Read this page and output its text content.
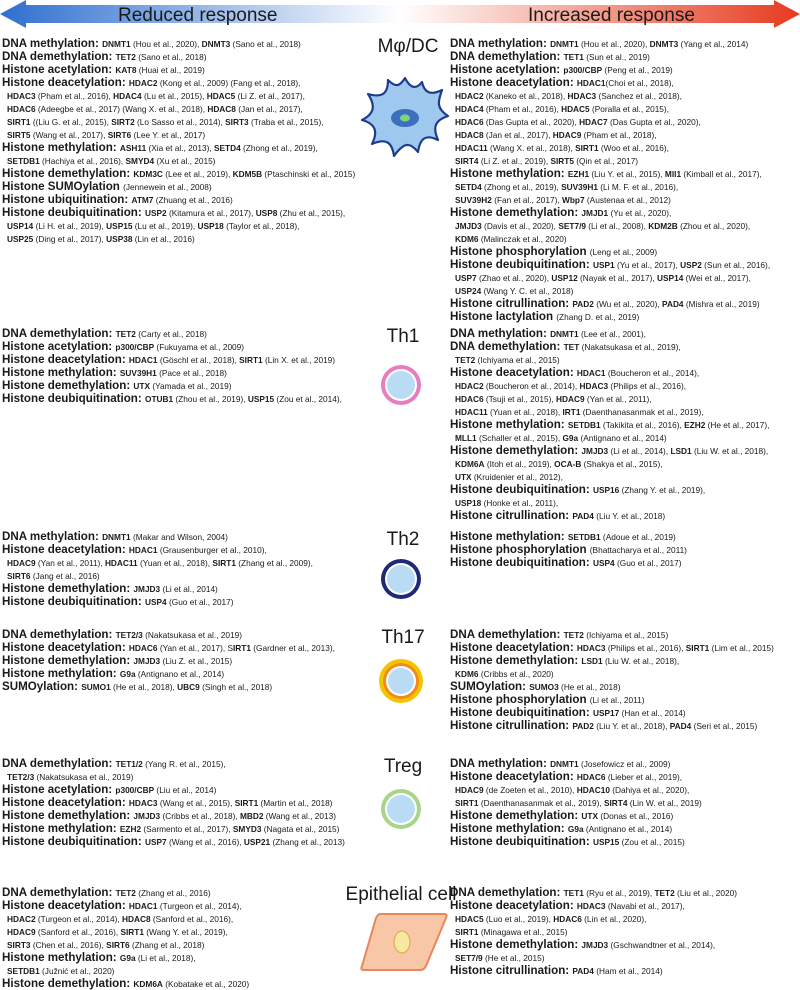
Reduced response	Increased response
DNA methylation: DNMT1 (Hou et al., 2020), DNMT3 (Sano et al., 2018)
DNA demethylation: TET2 (Sano et al., 2018)
Histone acetylation: KAT8 (Huai et al., 2019)
Histone deacetylation: HDAC2 (Kong et al., 2009) (Fang et al., 2018),
HDAC3 (Pham et al., 2016), HDAC4 (Lu et al., 2015), HDAC5 (Li Z. et al., 2017),
HDAC6 (Adeegbe et al., 2017) (Wang X. et al., 2018), HDAC8 (Jan et al., 2017),
SIRT1 ((Liu G. et al., 2015), SIRT2 (Lo Sasso et al., 2014), SIRT3 (Traba et al., 2015),
SIRT5 (Wang et al., 2017), SIRT6 (Lee Y. et al., 2017)
Histone methylation: ASH11 (Xia et al., 2013), SETD4 (Zhong et al., 2019),
SETDB1 (Hachiya et al., 2016), SMYD4 (Xu et al., 2015)
Histone demethylation: KDM3C (Lee et al., 2019), KDM5B (Ptaschinski et al., 2015)
Histone SUMOylation (Jennewein et al., 2008)
Histone ubiquitination: ATM7 (Zhuang et al., 2016)
Histone deubiquitination: USP2 (Kitamura et al., 2017), USP8 (Zhu et al., 2015),
USP14 (Li H. et al., 2019), USP15 (Lu et al., 2019), USP18 (Taylor et al., 2018),
USP25 (Ding et al., 2017), USP38 (Lin et al., 2016)
DNA methylation: DNMT1 (Hou et al., 2020), DNMT3 (Yang et al., 2014)
DNA demethylation: TET1 (Sun et al., 2019)
Histone acetylation: p300/CBP (Peng et al., 2019)
Histone deacetylation: HDAC1(Choi et al., 2018),
HDAC2 (Kaneko et al., 2018), HDAC3 (Sanchez et al., 2018),
HDAC4 (Pham et al., 2016), HDAC5 (Poralla et al., 2015),
HDAC6 (Das Gupta et al., 2020), HDAC7 (Das Gupta et al., 2020),
HDAC8 (Jan et al., 2017), HDAC9 (Pham et al., 2018),
HDAC11 (Wang X. et al., 2018), SIRT1 (Woo et al., 2016),
SIRT4 (Li Z. et al., 2019), SIRT5 (Qin et al., 2017)
Histone methylation: EZH1 (Liu Y. et al., 2015), Mll1 (Kimball et al., 2017),
SETD4 (Zhong et al., 2019), SUV39H1 (Li M. F. et al., 2016),
SUV39H2 (Fan et al., 2017), Wbp7 (Austenaa et al., 2012)
Histone demethylation: JMJD1 (Yu et al., 2020),
JMJD3 (Davis et al., 2020), SET7/9 (Li et al., 2008), KDM2B (Zhou et al., 2020),
KDM6 (Malinczak et al., 2020)
Histone phosphorylation (Leng et al., 2009)
Histone deubiquitination: USP1 (Yu et al., 2017), USP2 (Sun et al., 2016),
USP7 (Zhao et al., 2020), USP12 (Nayak et al., 2017), USP14 (Wei et al., 2017),
USP24 (Wang Y. C. et al., 2018)
Histone citrullination: PAD2 (Wu et al., 2020), PAD4 (Mishra et al., 2019)
Histone lactylation (Zhang D. et al., 2019)
DNA demethylation: TET2 (Carty et al., 2018)
Histone acetylation: p300/CBP (Fukuyama et al., 2009)
Histone deacetylation: HDAC1 (Göschl et al., 2018), SIRT1 (Lin X. et al., 2019)
Histone methylation: SUV39H1 (Pace et al., 2018)
Histone demethylation: UTX (Yamada et al., 2019)
Histone deubiquitination: OTUB1 (Zhou et al., 2019), USP15 (Zou et al., 2014),
DNA methylation: DNMT1 (Lee et al., 2001),
DNA demethylation: TET (Nakatsukasa et al., 2019),
TET2 (Ichiyama et al., 2015)
Histone deacetylation: HDAC1 (Boucheron et al., 2014),
HDAC2 (Boucheron et al., 2014), HDAC3 (Philips et al., 2016),
HDAC6 (Tsuji et al., 2015), HDAC9 (Yan et al., 2011),
HDAC11 (Yuan et al., 2018), IRT1 (Daenthanasanmak et al., 2019),
Histone methylation: SETDB1 (Takikita et al., 2016), EZH2 (He et al., 2017),
MLL1 (Schaller et al., 2015), G9a (Antignano et al., 2014)
Histone demethylation: JMJD3 (Li et al., 2014), LSD1 (Liu W. et al., 2018),
KDM6A (Itoh et al., 2019), OCA-B (Shakya et al., 2015),
UTX (Kruidenier et al., 2012),
Histone deubiquitination: USP16 (Zhang Y. et al., 2019),
USP18 (Honke et al., 2011),
Histone citrullination: PAD4 (Liu Y. et al., 2018)
DNA methylation: DNMT1 (Makar and Wilson, 2004)
Histone deacetylation: HDAC1 (Grausenburger et al., 2010),
HDAC9 (Yan et al., 2011), HDAC11 (Yuan et al., 2018), SIRT1 (Zhang et al., 2009),
SIRT6 (Jang et al., 2016)
Histone demethylation: JMJD3 (Li et al., 2014)
Histone deubiquitination: USP4 (Guo et al., 2017)
Histone methylation: SETDB1 (Adoue et al., 2019)
Histone phosphorylation (Bhattacharya et al., 2011)
Histone deubiquitination: USP4 (Guo et al., 2017)
DNA demethylation: TET2/3 (Nakatsukasa et al., 2019)
Histone deacetylation: HDAC6 (Yan et al., 2017), SIRT1 (Gardner et al., 2013),
Histone demethylation: JMJD3 (Liu Z. et al., 2015)
Histone methylation: G9a (Antignano et al., 2014)
SUMOylation: SUMO1 (He et al., 2018), UBC9 (Singh et al., 2018)
DNA demethylation: TET2 (Ichiyama et al., 2015)
Histone deacetylation: HDAC3 (Philips et al., 2016), SIRT1 (Lim et al., 2015)
Histone demethylation: LSD1 (Liu W. et al., 2018),
KDM6 (Cribbs et al., 2020)
SUMOylation: SUMO3 (He et al., 2018)
Histone phosphorylation (Li et al., 2011)
Histone deubiquitination: USP17 (Han et al., 2014)
Histone citrullination: PAD2 (Liu Y. et al., 2018), PAD4 (Seri et al., 2015)
DNA demethylation: TET1/2 (Yang R. et al., 2015),
TET2/3 (Nakatsukasa et al., 2019)
Histone acetylation: p300/CBP (Liu et al., 2014)
Histone deacetylation: HDAC3 (Wang et al., 2015), SIRT1 (Martin et al., 2018)
Histone demethylation: JMJD3 (Cribbs et al., 2018), MBD2 (Wang et al., 2013)
Histone methylation: EZH2 (Sarmento et al., 2017), SMYD3 (Nagata et al., 2015)
Histone deubiquitination: USP7 (Wang et al., 2016), USP21 (Zhang et al., 2013)
DNA methylation: DNMT1 (Josefowicz et al., 2009)
Histone deacetylation: HDAC6 (Lieber et al., 2019),
HDAC9 (de Zoeten et al., 2010), HDAC10 (Dahiya et al., 2020),
SIRT1 (Daenthanasanmak et al., 2019), SIRT4 (Lin W. et al., 2019)
Histone demethylation: UTX (Donas et al., 2016)
Histone methylation: G9a (Antignano et al., 2014)
Histone deubiquitination: USP15 (Zou et al., 2015)
DNA demethylation: TET2 (Zhang et al., 2016)
Histone deacetylation: HDAC1 (Turgeon et al., 2014),
HDAC2 (Turgeon et al., 2014), HDAC8 (Sanford et al., 2016),
HDAC9 (Sanford et al., 2016), SIRT1 (Wang Y. et al., 2019),
SIRT3 (Chen et al., 2016), SIRT6 (Zhang et al., 2018)
Histone methylation: G9a (Li et al., 2018),
SETDB1 (Južnić et al., 2020)
Histone demethylation: KDM6A (Kobatake et al., 2020)
DNA demethylation: TET1 (Ryu et al., 2019), TET2 (Liu et al., 2020)
Histone deacetylation: HDAC3 (Navabi et al., 2017),
HDAC5 (Luo et al., 2019), HDAC6 (Lin et al., 2020),
SIRT1 (Minagawa et al., 2015)
Histone demethylation: JMJD3 (Gschwandtner et al., 2014),
SET7/9 (He et al., 2015)
Histone citrullination: PAD4 (Ham et al., 2014)
Mφ/DC
Th1
Th2
Th17
Treg
Epithelial cell
